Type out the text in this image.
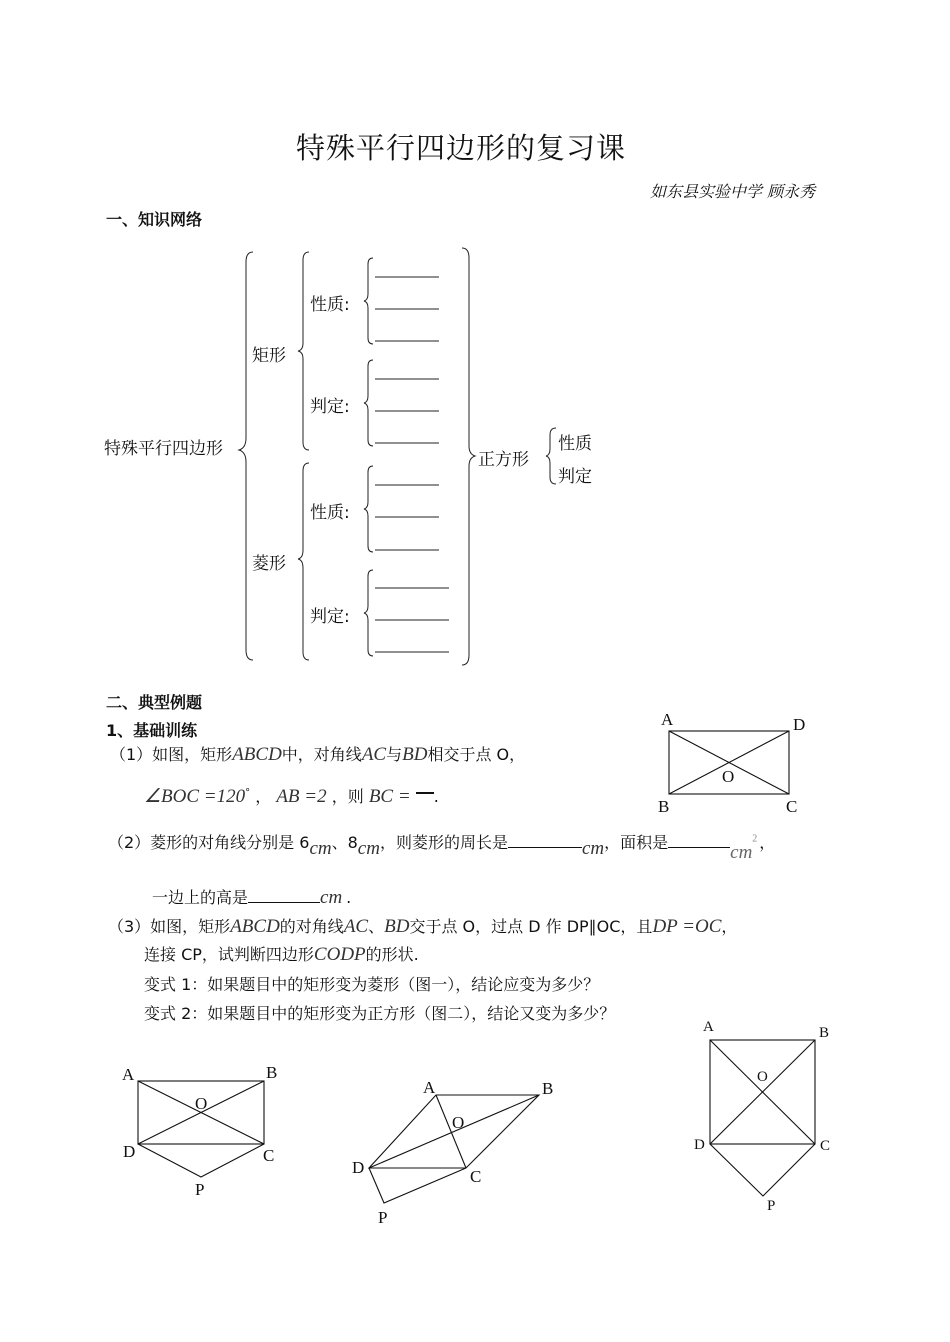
特殊平行四边形的复习课
如东县实验中学 顾永秀
一、知识网络
特殊平行四边形
矩形
菱形
性质:
判定:
性质:
判定:
正方形
性质
判定
二、典型例题
1、基础训练
（1）如图，矩形ABCD中，对角线AC与BD相交于点 O，
∠BOC =120° ， AB =2 ，则 BC = .
（2）菱形的对角线分别是 6cm、8cm，则菱形的周长是	cm，面积是	$cm^2$ ，
一边上的高是	cm .
（3）如图，矩形ABCD的对角线AC、BD交于点 O，过点 D 作 DP∥OC，且DP =OC，
连接 CP，试判断四边形CODP的形状.
变式 1：如果题目中的矩形变为菱形（图一），结论应变为多少？
变式 2：如果题目中的矩形变为正方形（图二），结论又变为多少？
A	D
O
B	C
A	B
O
D	C
P
A	B
O
D	C
P
A	B
O
D	C
P
